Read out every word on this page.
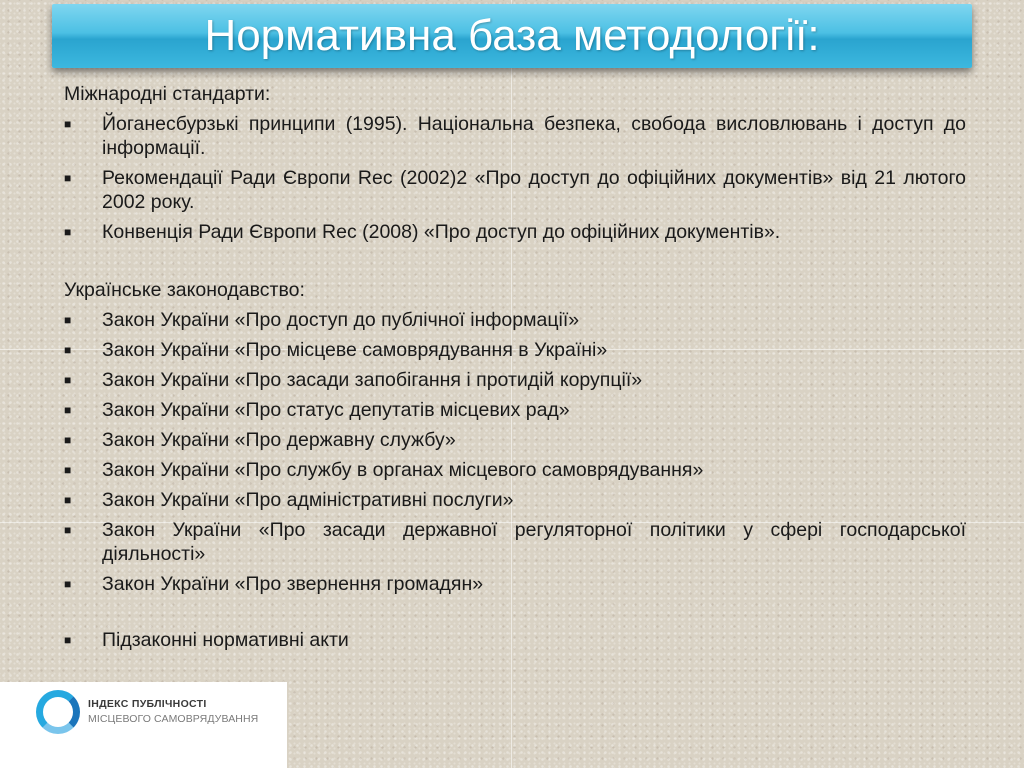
Нормативна база методології:

Міжнародні стандарти:

■ Йоганесбурзькі принципи (1995). Національна безпека, свобода висловлювань і доступ до інформації.
■ Рекомендації Ради Європи Rec (2002)2 «Про доступ до офіційних документів» від 21 лютого 2002 року.
■ Конвенція Ради Європи Rec (2008) «Про доступ до офіційних документів».

Українське законодавство:

■ Закон України «Про доступ до публічної інформації»
■ Закон України «Про місцеве самоврядування в Україні»
■ Закон України «Про засади запобігання і протидій корупції»
■ Закон України «Про статус депутатів місцевих рад»
■ Закон України «Про державну службу»
■ Закон України «Про службу в органах місцевого самоврядування»
■ Закон України «Про адміністративні послуги»
■ Закон України «Про засади державної регуляторної політики у сфері господарської діяльності»
■ Закон України «Про звернення громадян»
■ Підзаконні нормативні акти
ІНДЕКС ПУБЛІЧНОСТІ
МІСЦЕВОГО САМОВРЯДУВАННЯ
